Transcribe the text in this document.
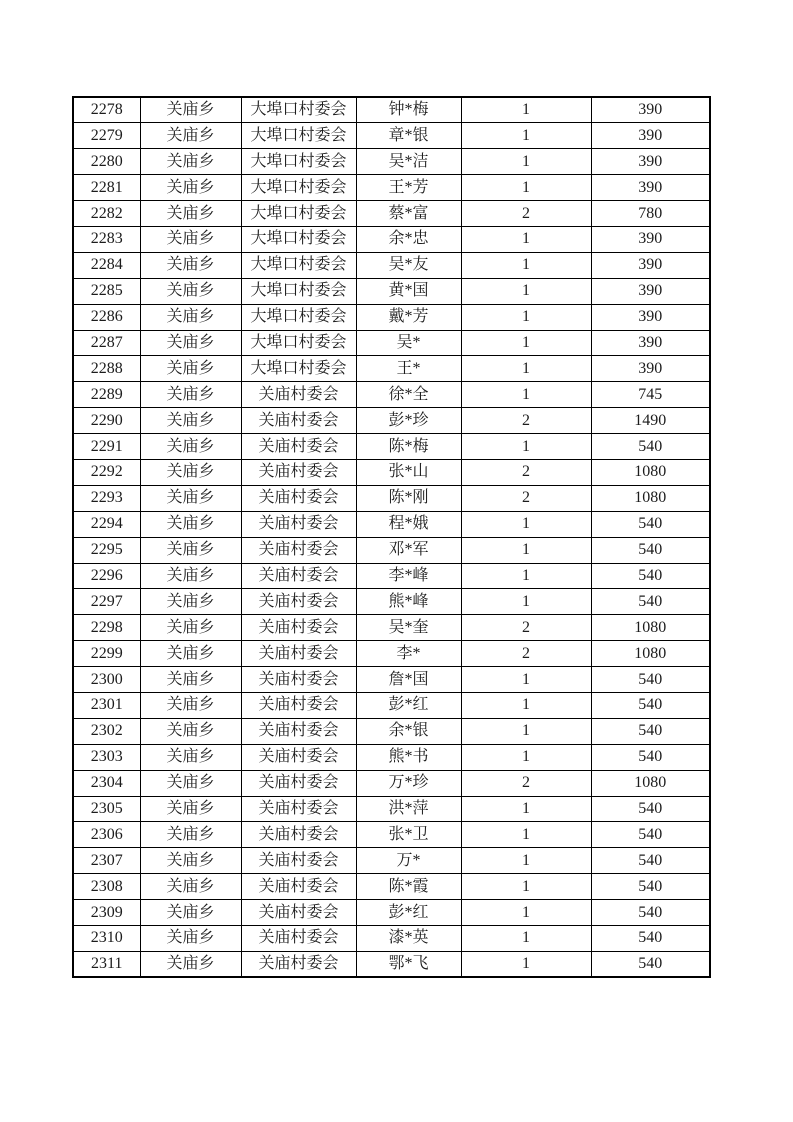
2278	关庙乡	大埠口村委会	钟*梅	1	390
2279	关庙乡	大埠口村委会	章*银	1	390
2280	关庙乡	大埠口村委会	吴*洁	1	390
2281	关庙乡	大埠口村委会	王*芳	1	390
2282	关庙乡	大埠口村委会	蔡*富	2	780
2283	关庙乡	大埠口村委会	余*忠	1	390
2284	关庙乡	大埠口村委会	吴*友	1	390
2285	关庙乡	大埠口村委会	黄*国	1	390
2286	关庙乡	大埠口村委会	戴*芳	1	390
2287	关庙乡	大埠口村委会	吴*	1	390
2288	关庙乡	大埠口村委会	王*	1	390
2289	关庙乡	关庙村委会	徐*全	1	745
2290	关庙乡	关庙村委会	彭*珍	2	1490
2291	关庙乡	关庙村委会	陈*梅	1	540
2292	关庙乡	关庙村委会	张*山	2	1080
2293	关庙乡	关庙村委会	陈*刚	2	1080
2294	关庙乡	关庙村委会	程*娥	1	540
2295	关庙乡	关庙村委会	邓*军	1	540
2296	关庙乡	关庙村委会	李*峰	1	540
2297	关庙乡	关庙村委会	熊*峰	1	540
2298	关庙乡	关庙村委会	吴*奎	2	1080
2299	关庙乡	关庙村委会	李*	2	1080
2300	关庙乡	关庙村委会	詹*国	1	540
2301	关庙乡	关庙村委会	彭*红	1	540
2302	关庙乡	关庙村委会	余*银	1	540
2303	关庙乡	关庙村委会	熊*书	1	540
2304	关庙乡	关庙村委会	万*珍	2	1080
2305	关庙乡	关庙村委会	洪*萍	1	540
2306	关庙乡	关庙村委会	张*卫	1	540
2307	关庙乡	关庙村委会	万*	1	540
2308	关庙乡	关庙村委会	陈*霞	1	540
2309	关庙乡	关庙村委会	彭*红	1	540
2310	关庙乡	关庙村委会	漆*英	1	540
2311	关庙乡	关庙村委会	鄂*飞	1	540
